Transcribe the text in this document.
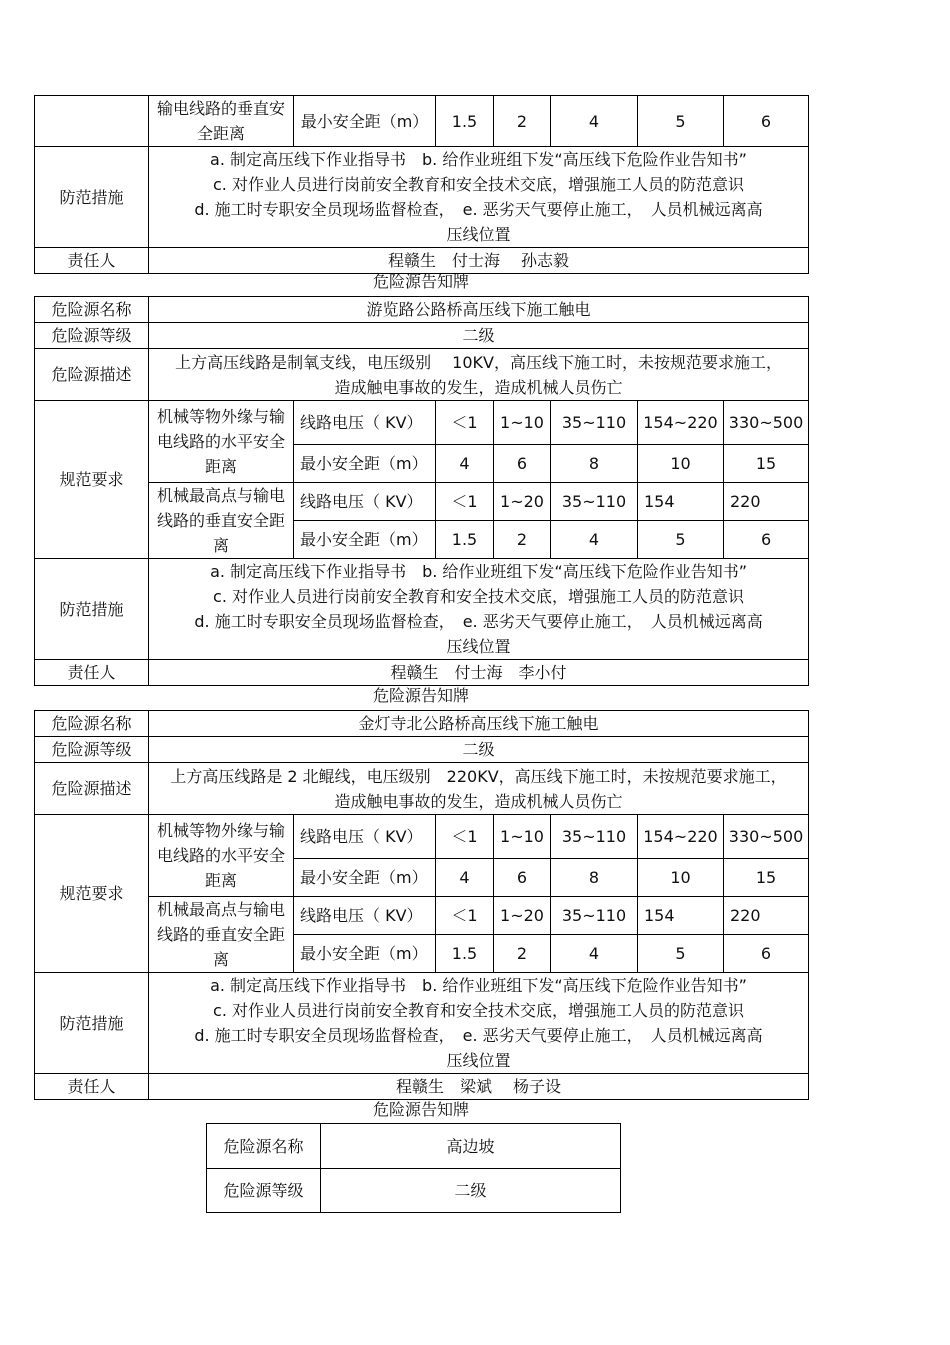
	输电线路的垂直安全距离	最小安全距（m）	1.5	2	4	5	6
防范措施	a. 制定高压线下作业指导书　b. 给作业班组下发“高压线下危险作业告知书”
c. 对作业人员进行岗前安全教育和安全技术交底，增强施工人员的防范意识
d. 施工时专职安全员现场监督检查，　e. 恶劣天气要停止施工，　人员机械远离高
压线位置						

责任人	程赣生　付士海　 孙志毅						
危险源告知牌
危险源名称	游览路公路桥高压线下施工触电						
危险源等级	二级						
危险源描述	上方高压线路是制氧支线，电压级别　 10KV，高压线下施工时，未按规范要求施工，造成触电事故的发生，造成机械人员伤亡						
规范要求	机械等物外缘与输电线路的水平安全距离	线路电压（ KV）	＜1	1~10	35~110	154~220	330~500
		最小安全距（m）	4	6	8	10	15
	机械最高点与输电线路的垂直安全距离	线路电压（ KV）	＜1	1~20	35~110	154	220
		最小安全距（m）	1.5	2	4	5	6
防范措施	a. 制定高压线下作业指导书　b. 给作业班组下发“高压线下危险作业告知书”
c. 对作业人员进行岗前安全教育和安全技术交底，增强施工人员的防范意识
d. 施工时专职安全员现场监督检查，　e. 恶劣天气要停止施工，　人员机械远离高
压线位置						

责任人	程赣生　付士海　李小付						
危险源告知牌
危险源名称	金灯寺北公路桥高压线下施工触电						
危险源等级	二级						
危险源描述	上方高压线路是 2 北鲲线，电压级别　220KV，高压线下施工时，未按规范要求施工，造成触电事故的发生，造成机械人员伤亡						
规范要求	机械等物外缘与输电线路的水平安全距离	线路电压（ KV）	＜1	1~10	35~110	154~220	330~500
		最小安全距（m）	4	6	8	10	15
	机械最高点与输电线路的垂直安全距离	线路电压（ KV）	＜1	1~20	35~110	154	220
		最小安全距（m）	1.5	2	4	5	6
防范措施	a. 制定高压线下作业指导书　b. 给作业班组下发“高压线下危险作业告知书”
c. 对作业人员进行岗前安全教育和安全技术交底，增强施工人员的防范意识
d. 施工时专职安全员现场监督检查，　e. 恶劣天气要停止施工，　人员机械远离高
压线位置						

责任人	程赣生　梁斌　 杨子设						
危险源告知牌
危险源名称	高边坡
危险源等级	二级
